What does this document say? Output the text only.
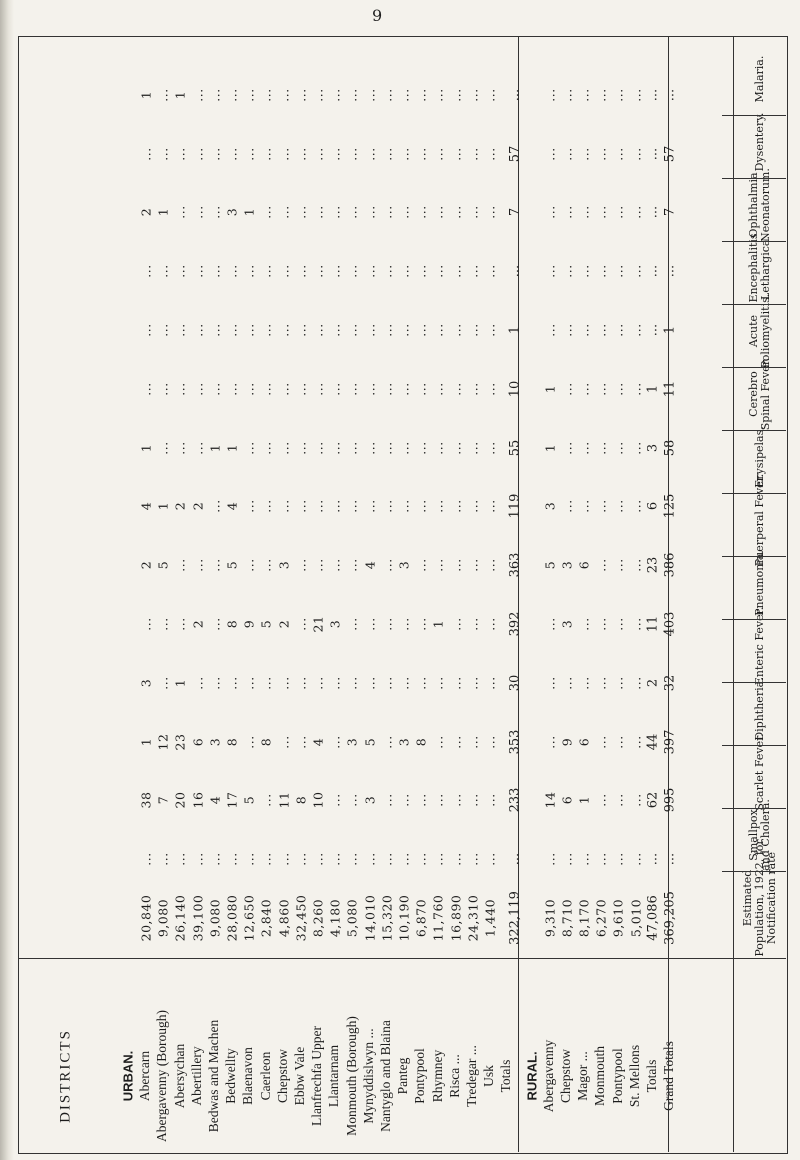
9
Estimated
Population, 1922, for
Notification rate
Smallpox
and Cholera.
Scarlet Fever.
Diphtheria.
Enteric Fever.
Pneumonia.
Puerperal Fever.
Erysipelas.
Cerebro
Spinal Fever.
Acute
Poliomyelitis.
Encephalitis
Lethargica.
Ophthalmia
Neonatorum.
Dysentery.
Malaria.
DISTRICTS	URBAN. Abercarn Abergavenny (Borough) Abersychan Abertillery Bedwas and Machen Bedwellty Blaenavon Caerleon Chepstow Ebbw Vale Llanfrechfa Upper Llantarnam Monmouth (Borough) Mynyddislwyn ... Nantyglo and Blaina Panteg Pontypool Rhymney Risca ... Tredegar ... Usk Totals RURAL. Abergavenny Chepstow Magor ... Monmouth Pontypool St. Mellons Totals Grand Totals
20,840
...
38
1
3
...
2
4
1
...
...
...
2
...
1
9,080
...
7
12
...
...
5
1
...
...
...
...
1
...
...
26,140
...
20
23
1
...
...
2
...
...
...
...
...
...
1
39,100
...
16
6
...
2
...
2
...
...
...
...
...
...
...
9,080
...
4
3
...
...
...
...
1
...
...
...
...
...
...
28,080
...
17
8
...
8
5
4
1
...
...
...
3
...
...
12,650
...
5
...
...
9
...
...
...
...
...
...
1
...
...
2,840
...
...
8
...
5
...
...
...
...
...
...
...
...
...
4,860
...
11
...
...
2
3
...
...
...
...
...
...
...
...
32,450
...
8
...
...
...
...
...
...
...
...
...
...
...
...
8,260
...
10
4
...
21
...
...
...
...
...
...
...
...
...
4,180
...
...
...
...
3
...
...
...
...
...
...
...
...
...
5,080
...
...
3
...
...
...
...
...
...
...
...
...
...
...
14,010
...
3
5
...
...
4
...
...
...
...
...
...
...
...
15,320
...
...
...
...
...
...
...
...
...
...
...
...
...
...
10,190
...
...
3
...
...
3
...
...
...
...
...
...
...
...
6,870
...
...
8
...
...
...
...
...
...
...
...
...
...
...
11,760
...
...
...
...
1
...
...
...
...
...
...
...
...
...
16,890
...
...
...
...
...
...
...
...
...
...
...
...
...
...
24,310
...
...
...
...
...
...
...
...
...
...
...
...
...
...
1,440
...
...
...
...
...
...
...
...
...
...
...
...
...
...
322,119
...
233
353
30
392
363
119
55
10
1
...
7
57
...
9,310
...
14
...
...
...
5
3
1
1
...
...
...
...
...
8,710
...
6
9
...
3
3
...
...
...
...
...
...
...
...
8,170
...
1
6
...
...
6
...
...
...
...
...
...
...
...
6,270
...
...
...
...
...
...
...
...
...
...
...
...
...
...
9,610
...
...
...
...
...
...
...
...
...
...
...
...
...
...
5,010
...
...
...
...
...
...
...
...
...
...
...
...
...
...
47,086
...
62
44
2
11
23
6
3
1
...
...
...
...
...
369,205
...
995
397
32
403
386
125
58
11
1
...
7
57
...
